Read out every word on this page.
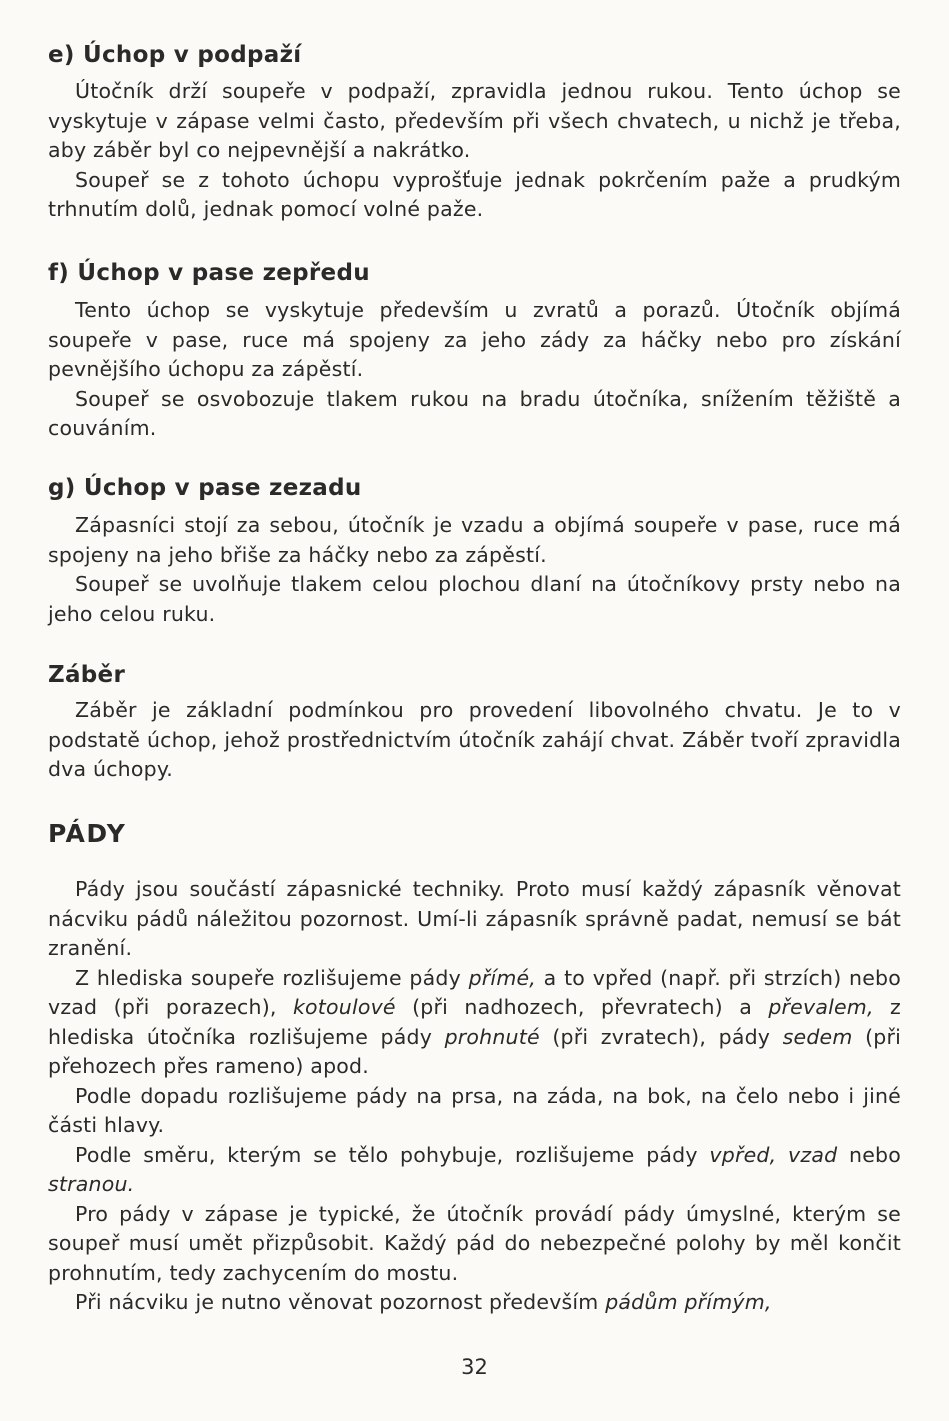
e) Úchop v podpaží

Útočník drží soupeře v podpaží, zpravidla jednou rukou. Tento úchop se vyskytuje v zápase velmi často, především při všech chvatech, u nichž je třeba, aby záběr byl co nejpevnější a nakrátko.

Soupeř se z tohoto úchopu vyprošťuje jednak pokrčením paže a prudkým trhnutím dolů, jednak pomocí volné paže.

f) Úchop v pase zepředu

Tento úchop se vyskytuje především u zvratů a porazů. Útočník objímá soupeře v pase, ruce má spojeny za jeho zády za háčky nebo pro získání pevnějšího úchopu za zápěstí.

Soupeř se osvobozuje tlakem rukou na bradu útočníka, snížením těžiště a couváním.

g) Úchop v pase zezadu

Zápasníci stojí za sebou, útočník je vzadu a objímá soupeře v pase, ruce má spojeny na jeho břiše za háčky nebo za zápěstí.

Soupeř se uvolňuje tlakem celou plochou dlaní na útočníkovy prsty nebo na jeho celou ruku.

Záběr

Záběr je základní podmínkou pro provedení libovolného chvatu. Je to v podstatě úchop, jehož prostřednictvím útočník zahájí chvat. Záběr tvoří zpravidla dva úchopy.

PÁDY

Pády jsou součástí zápasnické techniky. Proto musí každý zápasník věnovat nácviku pádů náležitou pozornost. Umí-li zápasník správně padat, nemusí se bát zranění.

Z hlediska soupeře rozlišujeme pády přímé, a to vpřed (např. při strzích) nebo vzad (při porazech), kotoulové (při nadhozech, převratech) a převalem, z hlediska útočníka rozlišujeme pády prohnuté (při zvratech), pády sedem (při přehozech přes rameno) apod.

Podle dopadu rozlišujeme pády na prsa, na záda, na bok, na čelo nebo i jiné části hlavy.

Podle směru, kterým se tělo pohybuje, rozlišujeme pády vpřed, vzad nebo stranou.

Pro pády v zápase je typické, že útočník provádí pády úmyslné, kterým se soupeř musí umět přizpůsobit. Každý pád do nebezpečné polohy by měl končit prohnutím, tedy zachycením do mostu.

Při nácviku je nutno věnovat pozornost především pádům přímým,

32
